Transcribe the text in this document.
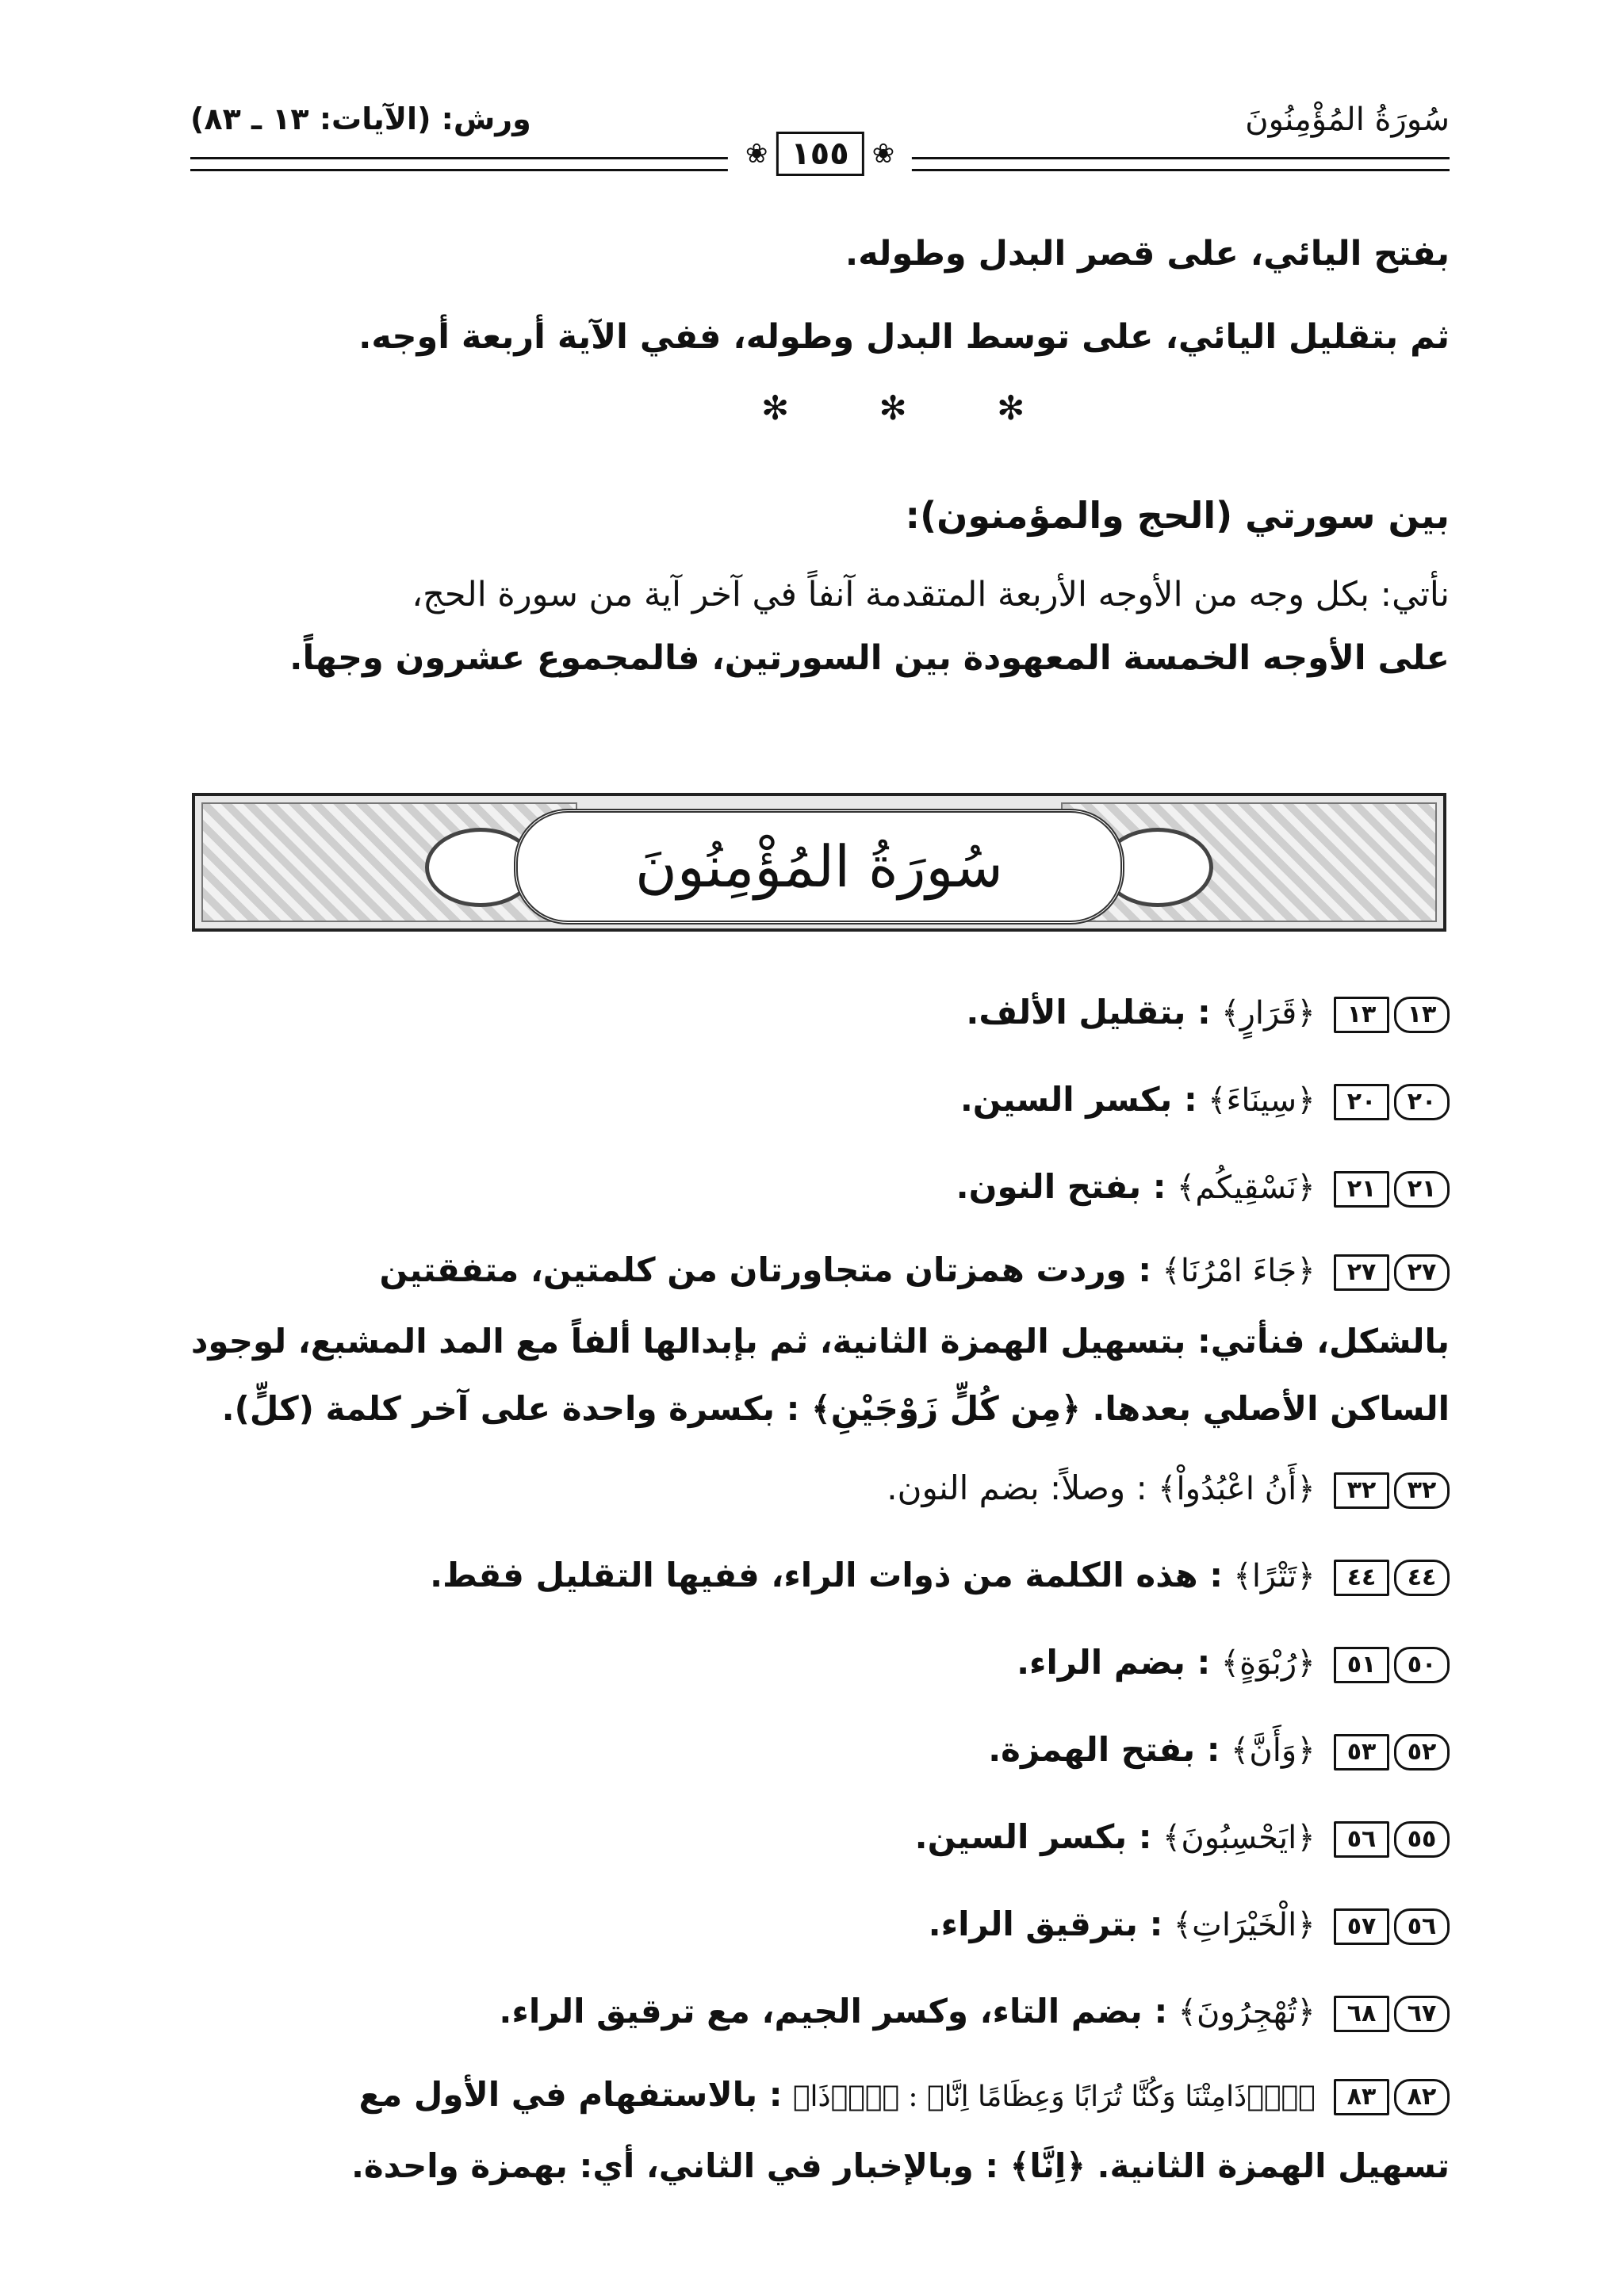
سُورَةُ المُؤْمِنُونَ
ورش: (الآيات: ١٣ ـ ٨٣)
❀
١٥٥
❀
بفتح اليائي، على قصر البدل وطوله.
ثم بتقليل اليائي، على توسط البدل وطوله، ففي الآية أربعة أوجه.
✻ ✻ ✻
بين سورتي (الحج والمؤمنون):
نأتي: بكل وجه من الأوجه الأربعة المتقدمة آنفاً في آخر آية من سورة الحج،
على الأوجه الخمسة المعهودة بين السورتين، فالمجموع عشرون وجهاً.
سُورَةُ المُؤْمِنُونَ
١٣	١٣
﴿قَرَارٍ﴾ : بتقليل الألف.
٢٠	٢٠
﴿سِينَاءَ﴾ : بكسر السين.
٢١	٢١
﴿نَسْقِيكُم﴾ : بفتح النون.
٢٧	٢٧
﴿جَاءَ امْرُنَا﴾ : وردت همزتان متجاورتان من كلمتين، متفقتين
بالشكل، فنأتي: بتسهيل الهمزة الثانية، ثم بإبدالها ألفاً مع المد المشبع، لوجود
الساكن الأصلي بعدها. ﴿مِن كُلٍّ زَوْجَيْنِ﴾ : بكسرة واحدة على آخر كلمة (كلٍّ).
٣٢	٣٢
﴿أَنُ اعْبُدُواْ﴾ : وصلاً: بضم النون.
٤٤	٤٤
﴿تَتْرًا﴾ : هذه الكلمة من ذوات الراء، ففيها التقليل فقط.
٥١	٥٠
﴿رُبْوَةٍ﴾ : بضم الراء.
٥٣	٥٢
﴿وَأَنَّ﴾ : بفتح الهمزة.
٥٦	٥٥
﴿ايَحْسِبُونَ﴾ : بكسر السين.
٥٧	٥٦
﴿الْخَيْرَاتِ﴾ : بترقيق الراء.
٦٨	٦٧
﴿تُهْجِرُونَ﴾ : بضم التاء، وكسر الجيم، مع ترقيق الراء.
٨٣	٨٢
﴿أَ۬ذَامِتْنَا وَكُنَّا تُرَابًا وَعِظَامًا اِنَّا﴾ : ﴿أَ۬ذَا﴾ : بالاستفهام في الأول مع
تسهيل الهمزة الثانية. ﴿اِنَّا﴾ : وبالإخبار في الثاني، أي: بهمزة واحدة.
